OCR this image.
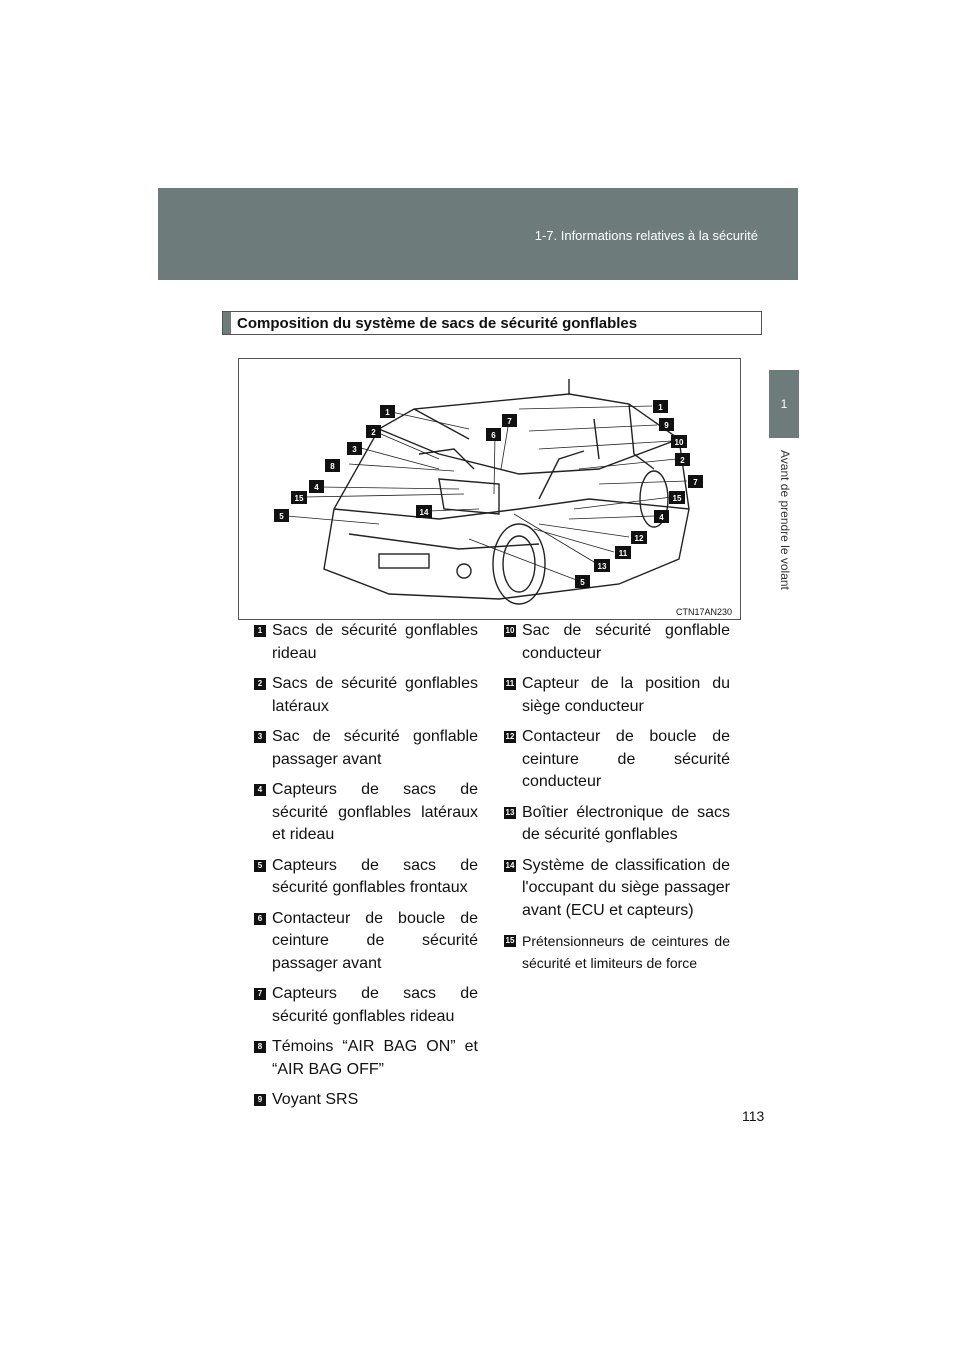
1-7. Informations relatives à la sécurité
1
Avant de prendre le volant
Composition du système de sacs de sécurité gonflables
1
2
3
8
4
15
5	14
6
7
1
9
10
2
7
15
4
12
11
13
5
CTN17AN230
1 Sacs de sécurité gonflables rideau
2 Sacs de sécurité gonflables latéraux
3 Sac de sécurité gonflable passager avant
4 Capteurs de sacs de sécurité gonflables latéraux et rideau
5 Capteurs de sacs de sécurité gonflables frontaux
6 Contacteur de boucle de ceinture de sécurité passager avant
7 Capteurs de sacs de sécurité gonflables rideau
8 Témoins “AIR BAG ON” et “AIR BAG OFF”
9 Voyant SRS
10 Sac de sécurité gonflable conducteur
11 Capteur de la position du siège conducteur
12 Contacteur de boucle de ceinture de sécurité conducteur
13 Boîtier électronique de sacs de sécurité gonflables
14 Système de classification de l'occupant du siège passager avant (ECU et capteurs)
15 Prétensionneurs de ceintures de sécurité et limiteurs de force
113
